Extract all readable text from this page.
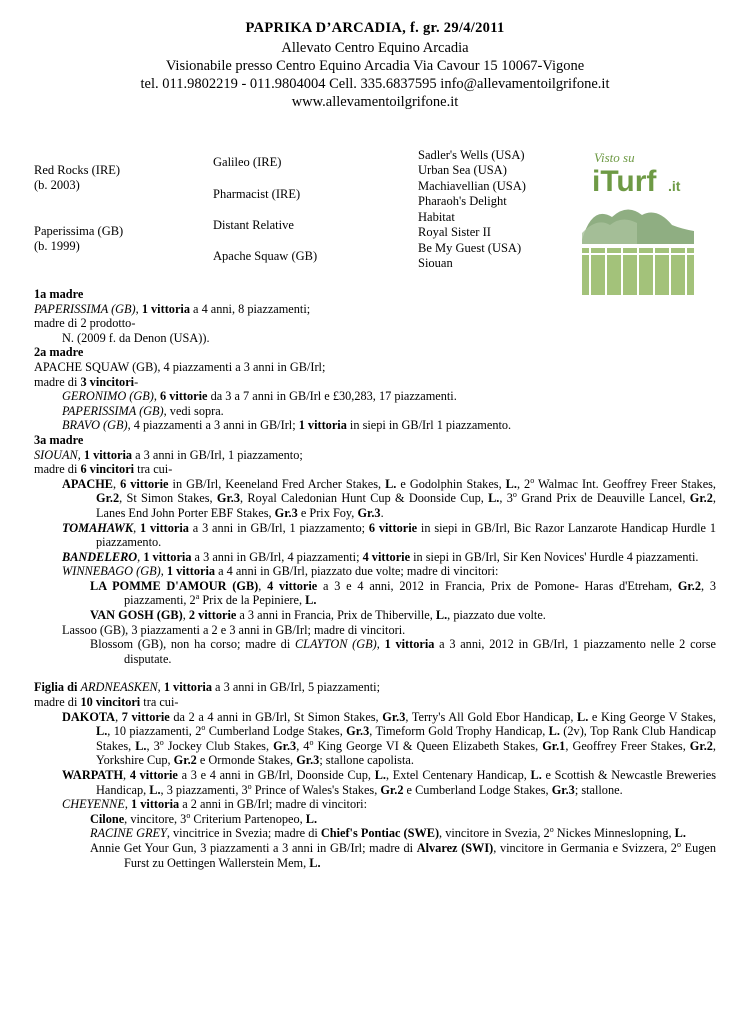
PAPRIKA D’ARCADIA, f. gr. 29/4/2011
Allevato Centro Equino Arcadia
Visionabile presso Centro Equino Arcadia Via Cavour 15 10067-Vigone
tel. 011.9802219 - 011.9804004 Cell. 335.6837595 info@allevamentoilgrifone.it
www.allevamentoilgrifone.it
Red Rocks (IRE)
(b. 2003)
Paperissima (GB)
(b. 1999)
Galileo (IRE)
Pharmacist (IRE)
Distant Relative
Apache Squaw (GB)
Sadler's Wells (USA)
Urban Sea (USA)
Machiavellian (USA)
Pharaoh's Delight
Habitat
Royal Sister II
Be My Guest (USA)
Siouan
Visto su
iTurf .it

1a madre

PAPERISSIMA (GB), 1 vittoria a 4 anni, 8 piazzamenti;

madre di 2 prodotto-

N. (2009 f. da Denon (USA)).

2a madre

APACHE SQUAW (GB), 4 piazzamenti a 3 anni in GB/Irl;

madre di 3 vincitori-

GERONIMO (GB), 6 vittorie da 3 a 7 anni in GB/Irl e £30,283, 17 piazzamenti.

PAPERISSIMA (GB), vedi sopra.

BRAVO (GB), 4 piazzamenti a 3 anni in GB/Irl; 1 vittoria in siepi in GB/Irl 1 piazzamento.

3a madre

SIOUAN, 1 vittoria a 3 anni in GB/Irl, 1 piazzamento;

madre di 6 vincitori tra cui-

APACHE, 6 vittorie in GB/Irl, Keeneland Fred Archer Stakes, L. e Godolphin Stakes, L., 2$^o$ Walmac Int. Geoffrey Freer Stakes, Gr.2, St Simon Stakes, Gr.3, Royal Caledonian Hunt Cup & Doonside Cup, L., 3$^o$ Grand Prix de Deauville Lancel, Gr.2, Lanes End John Porter EBF Stakes, Gr.3 e Prix Foy, Gr.3.

TOMAHAWK, 1 vittoria a 3 anni in GB/Irl, 1 piazzamento; 6 vittorie in siepi in GB/Irl, Bic Razor Lanzarote Handicap Hurdle 1 piazzamento.

BANDELERO, 1 vittoria a 3 anni in GB/Irl, 4 piazzamenti; 4 vittorie in siepi in GB/Irl, Sir Ken Novices' Hurdle 4 piazzamenti.

WINNEBAGO (GB), 1 vittoria a 4 anni in GB/Irl, piazzato due volte; madre di vincitori:

LA POMME D'AMOUR (GB), 4 vittorie a 3 e 4 anni, 2012 in Francia, Prix de Pomone- Haras d'Etreham, Gr.2, 3 piazzamenti, 2$^a$ Prix de la Pepiniere, L.

VAN GOSH (GB), 2 vittorie a 3 anni in Francia, Prix de Thiberville, L., piazzato due volte.

Lassoo (GB), 3 piazzamenti a 2 e 3 anni in GB/Irl; madre di vincitori.

Blossom (GB), non ha corso; madre di CLAYTON (GB), 1 vittoria a 3 anni, 2012 in GB/Irl, 1 piazzamento nelle 2 corse disputate.

Figlia di ARDNEASKEN, 1 vittoria a 3 anni in GB/Irl, 5 piazzamenti;

madre di 10 vincitori tra cui-

DAKOTA, 7 vittorie da 2 a 4 anni in GB/Irl, St Simon Stakes, Gr.3, Terry's All Gold Ebor Handicap, L. e King George V Stakes, L., 10 piazzamenti, 2$^o$ Cumberland Lodge Stakes, Gr.3, Timeform Gold Trophy Handicap, L. (2v), Top Rank Club Handicap Stakes, L., 3$^o$ Jockey Club Stakes, Gr.3, 4$^o$ King George VI & Queen Elizabeth Stakes, Gr.1, Geoffrey Freer Stakes, Gr.2, Yorkshire Cup, Gr.2 e Ormonde Stakes, Gr.3; stallone capolista.

WARPATH, 4 vittorie a 3 e 4 anni in GB/Irl, Doonside Cup, L., Extel Centenary Handicap, L. e Scottish & Newcastle Breweries Handicap, L., 3 piazzamenti, 3$^o$ Prince of Wales's Stakes, Gr.2 e Cumberland Lodge Stakes, Gr.3; stallone.

CHEYENNE, 1 vittoria a 2 anni in GB/Irl; madre di vincitori:

Cilone, vincitore, 3$^o$ Criterium Partenopeo, L.

RACINE GREY, vincitrice in Svezia; madre di Chief's Pontiac (SWE), vincitore in Svezia, 2$^o$ Nickes Minneslopning, L.

Annie Get Your Gun, 3 piazzamenti a 3 anni in GB/Irl; madre di Alvarez (SWI), vincitore in Germania e Svizzera, 2$^o$ Eugen Furst zu Oettingen Wallerstein Mem, L.
